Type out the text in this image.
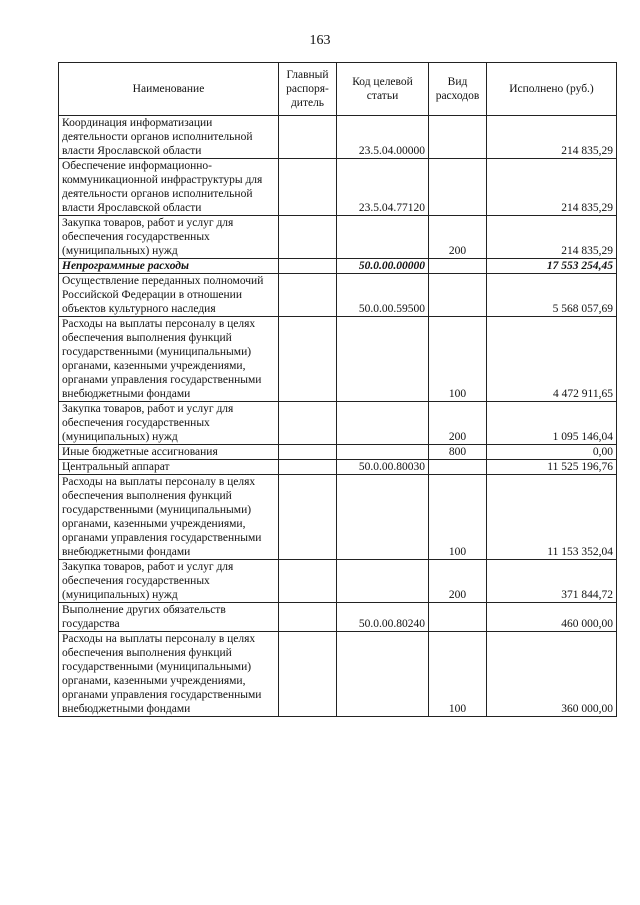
163
Наименование	Главный распоря-дитель	Код целевой статьи	Вид расходов	Исполнено (руб.)
Координация информатизации деятельности органов исполнительной власти Ярославской области		23.5.04.00000		214 835,29
Обеспечение информационно-коммуникационной инфраструктуры для деятельности органов исполнительной власти Ярославской области		23.5.04.77120		214 835,29
Закупка товаров, работ и услуг для обеспечения государственных (муниципальных) нужд			200	214 835,29
Непрограммные расходы		50.0.00.00000		17 553 254,45
Осуществление переданных полномочий Российской Федерации в отношении объектов культурного наследия		50.0.00.59500		5 568 057,69
Расходы на выплаты персоналу в целях обеспечения выполнения функций государственными (муниципальными) органами, казенными учреждениями, органами управления государственными внебюджетными фондами			100	4 472 911,65
Закупка товаров, работ и услуг для обеспечения государственных (муниципальных) нужд			200	1 095 146,04
Иные бюджетные ассигнования			800	0,00
Центральный аппарат		50.0.00.80030		11 525 196,76
Расходы на выплаты персоналу в целях обеспечения выполнения функций государственными (муниципальными) органами, казенными учреждениями, органами управления государственными внебюджетными фондами			100	11 153 352,04
Закупка товаров, работ и услуг для обеспечения государственных (муниципальных) нужд			200	371 844,72
Выполнение других обязательств государства		50.0.00.80240		460 000,00
Расходы на выплаты персоналу в целях обеспечения выполнения функций государственными (муниципальными) органами, казенными учреждениями, органами управления государственными внебюджетными фондами			100	360 000,00
